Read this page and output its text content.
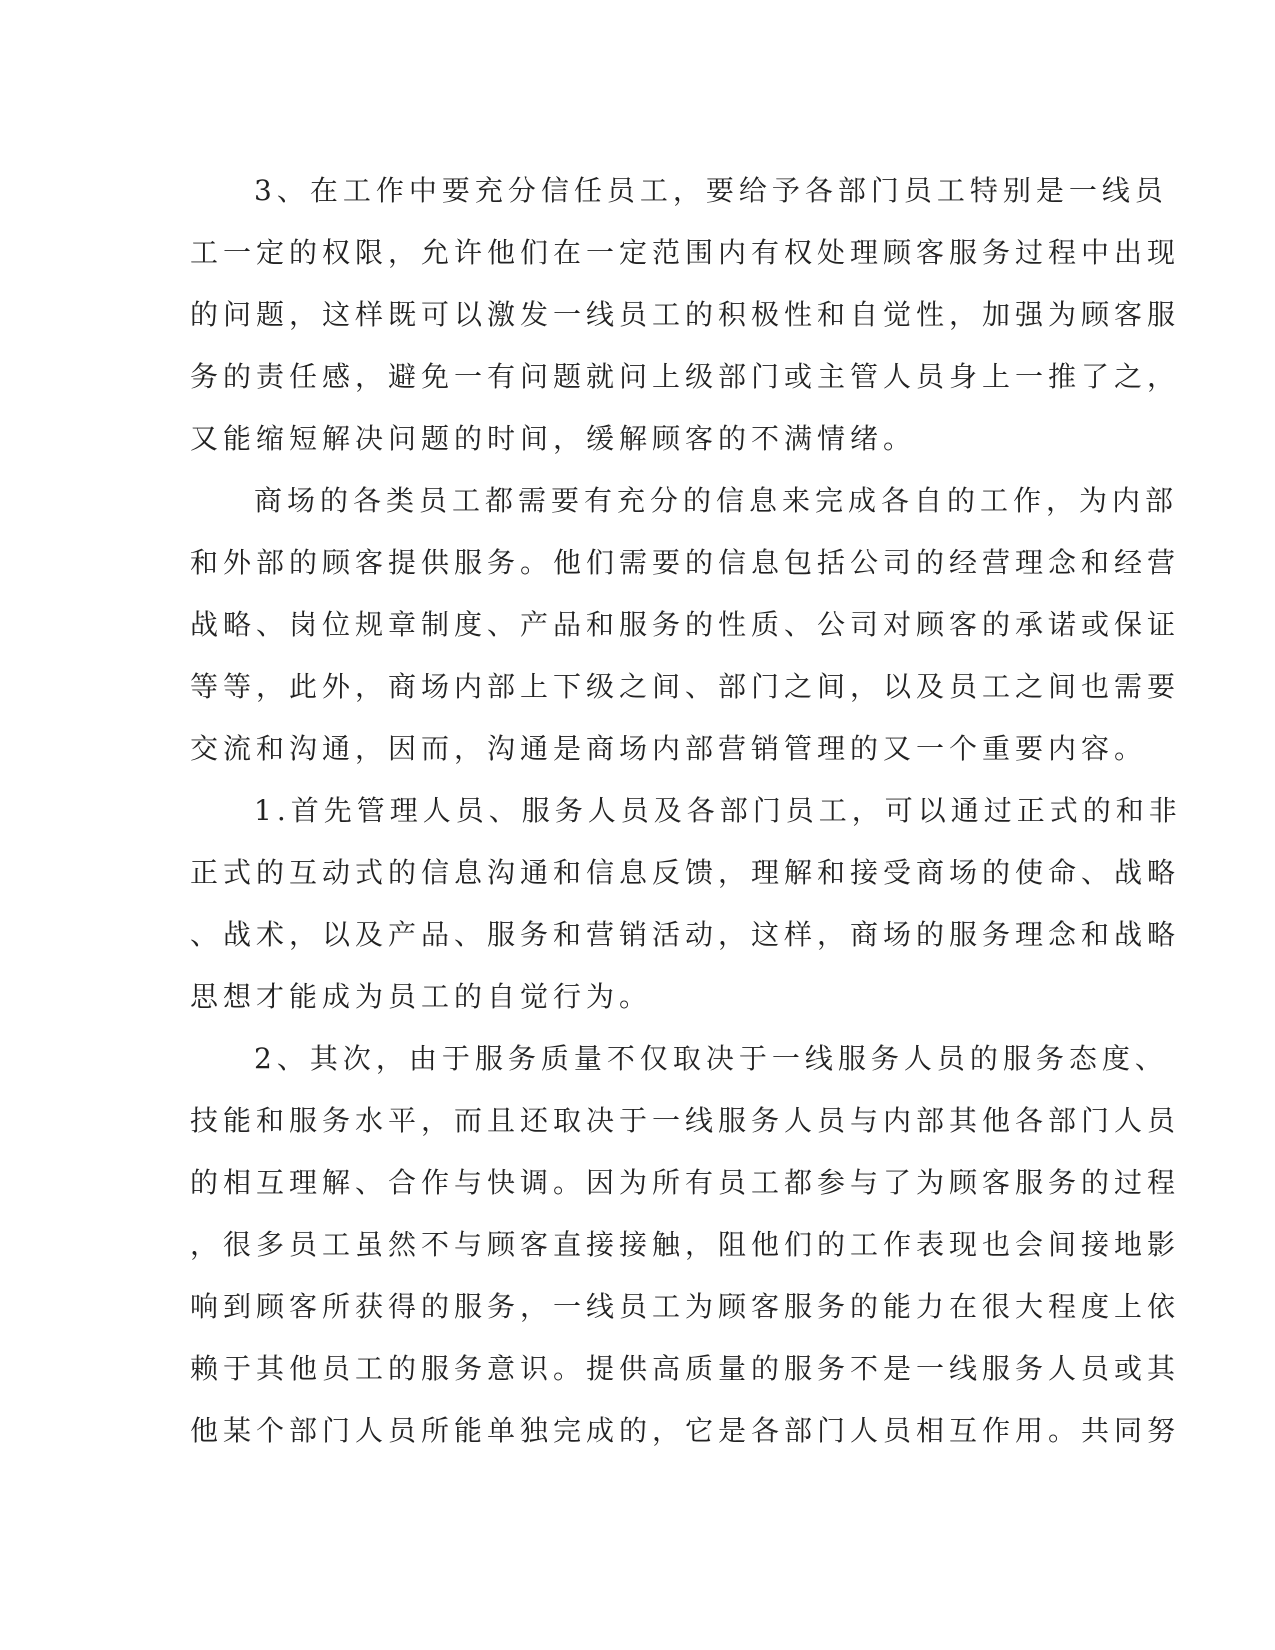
3、在工作中要充分信任员工，要给予各部门员工特别是一线员
工一定的权限，允许他们在一定范围内有权处理顾客服务过程中出现
的问题，这样既可以激发一线员工的积极性和自觉性，加强为顾客服
务的责任感，避免一有问题就问上级部门或主管人员身上一推了之，
又能缩短解决问题的时间，缓解顾客的不满情绪。
商场的各类员工都需要有充分的信息来完成各自的工作，为内部
和外部的顾客提供服务。他们需要的信息包括公司的经营理念和经营
战略、岗位规章制度、产品和服务的性质、公司对顾客的承诺或保证
等等，此外，商场内部上下级之间、部门之间，以及员工之间也需要
交流和沟通，因而，沟通是商场内部营销管理的又一个重要内容。
1.首先管理人员、服务人员及各部门员工，可以通过正式的和非
正式的互动式的信息沟通和信息反馈，理解和接受商场的使命、战略
、战术，以及产品、服务和营销活动，这样，商场的服务理念和战略
思想才能成为员工的自觉行为。
2、其次，由于服务质量不仅取决于一线服务人员的服务态度、
技能和服务水平，而且还取决于一线服务人员与内部其他各部门人员
的相互理解、合作与快调。因为所有员工都参与了为顾客服务的过程
，很多员工虽然不与顾客直接接触，阻他们的工作表现也会间接地影
响到顾客所获得的服务，一线员工为顾客服务的能力在很大程度上依
赖于其他员工的服务意识。提供高质量的服务不是一线服务人员或其
他某个部门人员所能单独完成的，它是各部门人员相互作用。共同努
